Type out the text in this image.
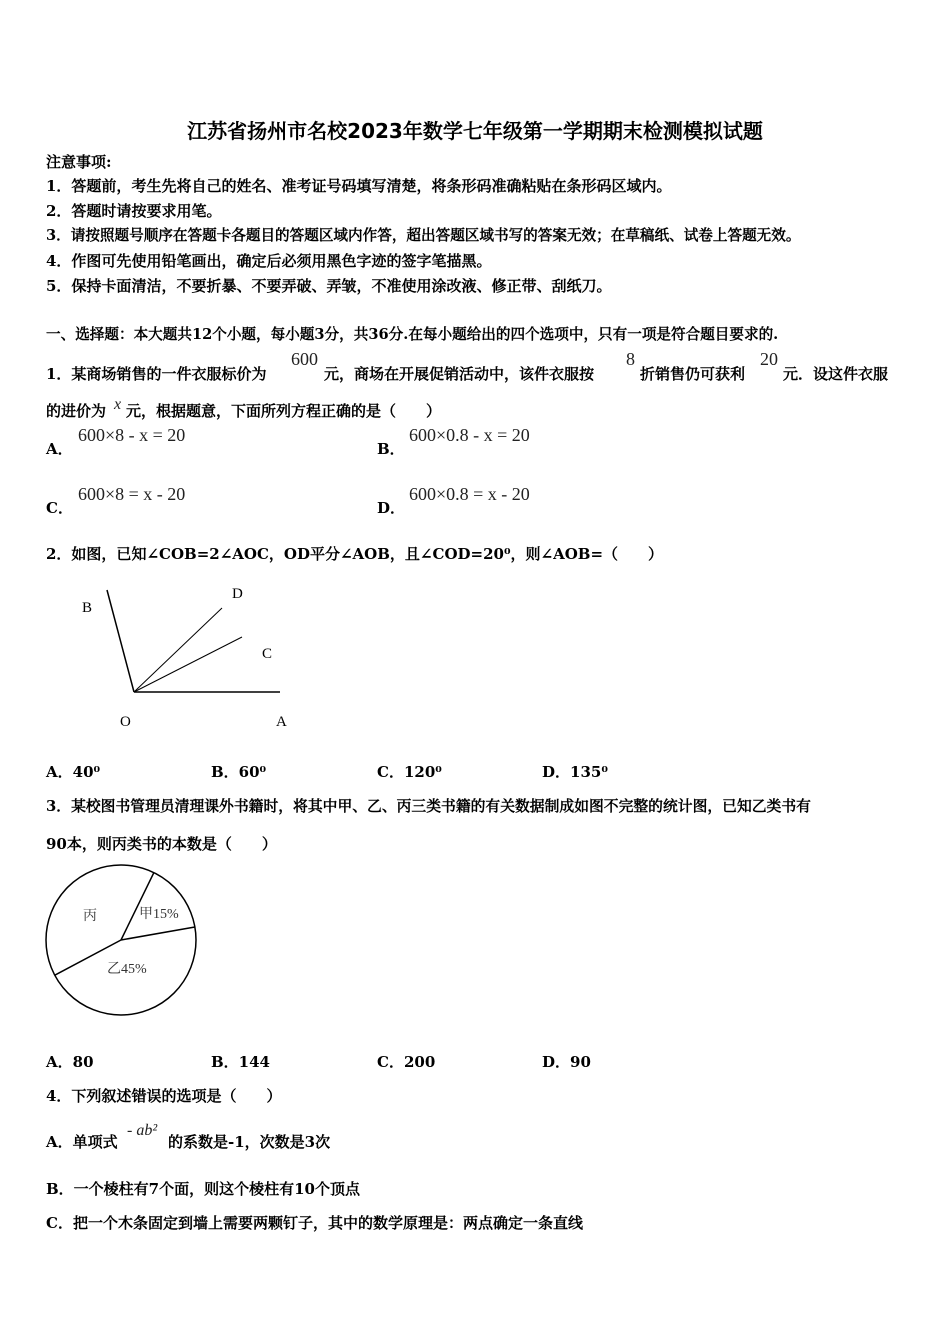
江苏省扬州市名校2023年数学七年级第一学期期末检测模拟试题
注意事项:
1．答题前，考生先将自己的姓名、准考证号码填写清楚，将条形码准确粘贴在条形码区域内。
2．答题时请按要求用笔。
3．请按照题号顺序在答题卡各题目的答题区域内作答，超出答题区域书写的答案无效；在草稿纸、试卷上答题无效。
4．作图可先使用铅笔画出，确定后必须用黑色字迹的签字笔描黑。
5．保持卡面清洁，不要折暴、不要弄破、弄皱，不准使用涂改液、修正带、刮纸刀。
一、选择题：本大题共12个小题，每小题3分，共36分.在每小题给出的四个选项中，只有一项是符合题目要求的.
1．某商场销售的一件衣服标价为
600
元，商场在开展促销活动中，该件衣服按
8
折销售仍可获利
20
元．设这件衣服
的进价为 x 元，根据题意，下面所列方程正确的是（　　）
A．
600×8 - x = 20
B．
600×0.8 - x = 20
C．
600×8 = x - 20
D．
600×0.8 = x - 20
2．如图，已知∠COB=2∠AOC，OD平分∠AOB，且∠COD=20⁰，则∠AOB=（　　）
B
D
C
O	A
A．40⁰	B．60⁰	C．120⁰	D．135⁰
3．某校图书管理员清理课外书籍时，将其中甲、乙、丙三类书籍的有关数据制成如图不完整的统计图，已知乙类书有
90本，则丙类书的本数是（　　）
甲15%
乙45%
丙
A．80	B．144	C．200	D．90
4．下列叙述错误的选项是（　　）
A．单项式
- ab²
的系数是-1，次数是3次
B．一个棱柱有7个面，则这个棱柱有10个顶点
C．把一个木条固定到墙上需要两颗钉子，其中的数学原理是：两点确定一条直线
